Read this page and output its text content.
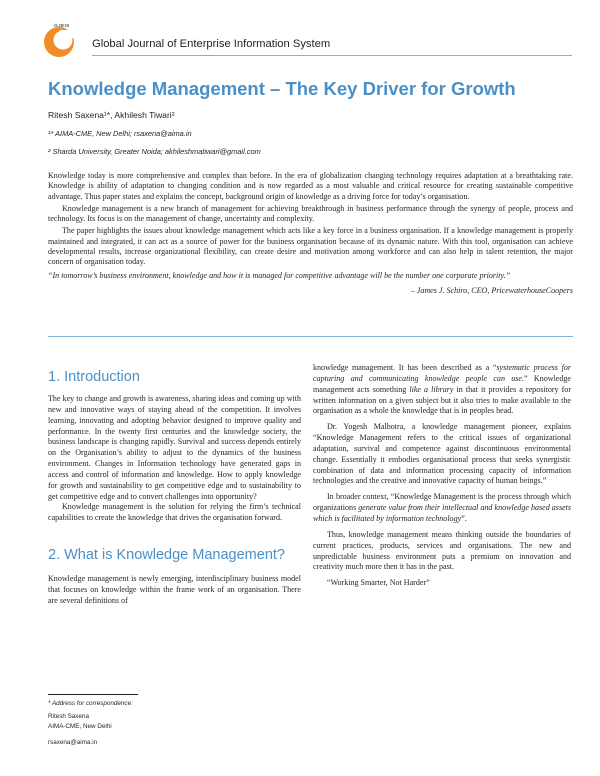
GJEIS
Global Journal of Enterprise Information System
Knowledge Management – The Key Driver for Growth
Ritesh Saxena¹*, Akhilesh Tiwari²
¹* AIMA-CME, New Delhi; rsaxena@aima.in
² Sharda University, Greater Noida; akhileshmatiwari@gmail.com

Knowledge today is more comprehensive and complex than before. In the era of globalization changing technology requires adaptation at a breathtaking rate. Knowledge is ability of adaptation to changing condition and is now regarded as a most valuable and critical resource for creating sustainable competitive advantage. Thus paper states and explains the concept, background origin of knowledge as a driving force for today’s organisation.

Knowledge management is a new branch of management for achieving breakthrough in business performance through the synergy of people, process and technology. Its focus is on the management of change, uncertainty and complexity.

The paper highlights the issues about knowledge management which acts like a key force in a business organisation. If a knowledge management is properly maintained and integrated, it can act as a source of power for the business organisation because of its dynamic nature. With this tool, organisation can achieve developmental results, increase organizational flexibility, can create desire and motivation among workforce and can also help in talent retention, the major concern of organisation today.

“In tomorrow’s business environment, knowledge and how it is managed for competitive advantage will be the number one corporate priority.”

– James J. Schiro, CEO, PricewaterhouseCoopers

1. Introduction

The key to change and growth is awareness, sharing ideas and coming up with new and innovative ways of staying ahead of the competition. It involves learning, innovating and adopting behavior designed to improve quality and performance. In the twenty first centuries and the knowledge society, the business landscape is changing rapidly. Survival and success depends entirely on the Organisation’s ability to adjust to the dynamics of the business environment. Changes in Information technology have generated gaps in access and control of information and knowledge. How to apply knowledge for growth and sustainability to get competitive edge and to sustainability to get competitive edge and to convert challenges into opportunity?

Knowledge management is the solution for relying the firm’s technical capabilities to create the knowledge that drives the organisation forward.

2. What is Knowledge Management?

Knowledge management is newly emerging, interdisciplinary business model that focuses on knowledge within the frame work of an organisation. There are several definitions of

knowledge management. It has been described as a “systematic process for capturing and communicating knowledge people can use.” Knowledge management acts something like a library in that it provides a repository for written information on a given subject but it also tries to make available to the organisation as a whole the knowledge that is in peoples head.

Dr. Yogesh Malhotra, a knowledge management pioneer, explains “Knowledge Management refers to the critical issues of organizational adaptation, survival and competence against discontinuous environmental change. Essentially it embodies organisational process that seeks synergistic combination of data and information processing capacity of information technologies and the creative and innovative capacity of human beings.”

In broader context, “Knowledge Management is the process through which organizations generate value from their intellectual and knowledge based assets which is facilitated by information technology”.

Thus, knowledge management means thinking outside the boundaries of current practices, products, services and organisations. The new and unpredictable business environment puts a premium on innovation and creativity much more then it has in the past.

“Working Smarter, Not Harder”

* Address for correspondence:
Ritesh Saxena
AIMA-CME, New Delhi
rsaxena@aima.in
